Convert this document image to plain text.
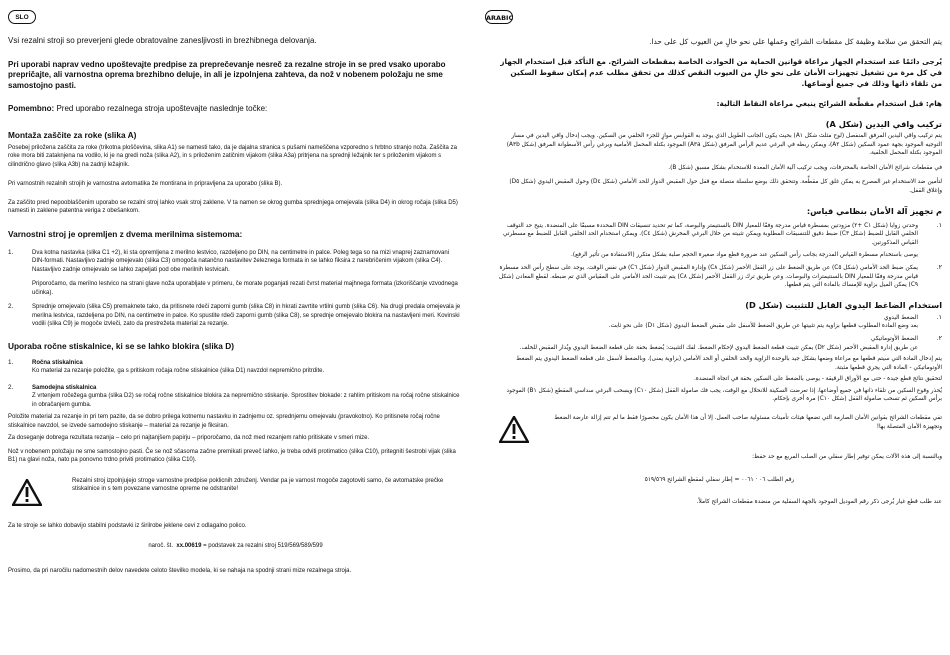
SLO

Vsi rezalni stroji so preverjeni glede obratovalne zanesljivosti in brezhibnega delovanja.

Pri uporabi naprav vedno upoštevajte predpise za preprečevanje nesreč za rezalne stroje in se pred vsako uporabo prepričajte, ali varnostna oprema brezhibno deluje, in ali je izpolnjena zahteva, da nož v nobenem položaju ne sme samostojno pasti.

Pomembno: Pred uporabo rezalnega stroja upoštevajte naslednje točke:

Montaža zaščite za roke (slika A)

Posebej priložena zaščita za roke (trikotna ploščevina, slika A1) se namesti tako, da je dajalna stranica s pušami nameščena vzporedno s hrbtno stranjo noža. Zaščita za roke mora biti zataknjena na vodilo, ki je na gredi noža (slika A2), in s priloženim zatičnim vijakom (slika A3a) pritrjena na sprednji ležajnik ter s priloženim vijakom s cilindrično glavo (slika A3b) na zadnji ležajnik.

Pri varnostnih rezalnih strojih je varnostna avtomatika že montirana in pripravljena za uporabo (slika B).

Za zaščito pred nepooblaščenim uporabo se rezalni stroj lahko vsak stroj zaklene. V ta namen se okrog gumba sprednjega omejevala (slika D4) in okrog ročaja (slika D5) namesti in zaklene patentna veriga z obešankom.

Varnostni stroj je opremljen z dvema merilnima sistemoma:

1.	Dva kotna nastavka (slika C1 +2), ki sta opremljena z merilno lestvico, razdeljeno po DIN, na centimetre in palce. Poleg tega so na mizi vnaprej zaznamovani DIN-formati. Nastavljivo zadnje omejevalo (slika C3) omogoča natančno nastavitev železnega formata in se lahko fiksira z narebričenim vijakom (slika C4). Nastavljivo zadnje omejevalo se lahko zapeljati pod obe merilnih lestvicah.

Priporočamo, da merilno lestvico na strani glave noža uporabljate v primeru, če morate poganjati rezati čvrst material majhnega formata (izkoriščanje vzvodnega učinka).

2.	Sprednje omejevalo (slika C5) premaknete tako, da pritisnete rdeči zaporni gumb (slika C8) in hkrati zavrtite vrtilni gumb (slika C6). Na drugi predala omejevala je merilna lestvica, razdeljena po DIN, na centimetre in palce. Ko spustite rdeči zaporni gumb (slika C8), se sprednje omejevalo blokira na nastavljeni meri. Kovinski vodili (slika C9) je mogoče izvleči, zato da prestrežeta material za rezanje.

Uporaba ročne stiskalnice, ki se se lahko blokira (slika D)

1.	Ročna stiskalnica

Ko material za rezanje položite, ga s pritiskom ročaja ročne stiskalnice (slika D1) navzdol nepremično pritrdite.

2.	Samodejna stiskalnica

Z vrtenjem ročežega gumba (slika D2) se ročaj ročne stiskalnice blokira za nepremično stiskanje. Sprostitev blokade: z rahlim pritiskom na ročaj ročne stiskalnice in obračanjem gumba.

Položite material za rezanje in pri tem pazite, da se dobro prilega kotnemu nastavku in zadnjemu oz. sprednjemu omejevalu (pravokotno). Ko pritisnete ročaj ročne stiskalnice navzdol, se izvede samodejno stiskanje – material za rezanje je fiksiran.

Za doseganje dobrega rezultata rezanja – celo pri najtanjšem papirju – priporočamo, da nož med rezanjem rahlo pritiskate v smeri mize.

Nož v nobenem položaju ne sme samostojno pasti. Če se nož sčasoma začne premikati preveč lahko, je treba odviti protimatico (slika C10), pritegniti šestrobi vijak (slika B1) na glavi noža, nato pa ponovno trdno priviti protimatico (slika C10).

Rezalni stroj izpolnjujejo stroge varnostne predpise poklicnih združenj. Vendar pa je varnost mogoče zagotoviti samo, če avtomatske prečke stiskalnice in s tem povezane varnostne opreme ne odstranite!

Za te stroje se lahko dobavijo stabilni podstavki iz širilrobe jeklene cevi z odlagalno polico.

naroč. št. xx.00619 = podstavek za rezalni stroj 519/569/589/599

Prosimo, da pri naročilu nadomestnih delov navedete celoto številko modela, ki se nahaja na spodnji strani mize rezalnega stroja.

ARABIC

يتم التحقق من سلامة وظيفة كل مقطعات الشرائح وعملها على نحو خالٍ من العيوب كل على حدا.

يُرجى دائمًا عند استخدام الجهاز مراعاة قوانين الحماية من الحوادث الخاصة بمقطعات الشرائح. مع التأكد قبل استخدام الجهاز في كل مرة من تشغيل تجهيزات الأمان على نحو خالٍ من العيوب النقص كذلك من تحقق مطلب عدم إمكان سقوط السكين من تلقاء ذاتها وذلك في جميع أوضاعها.

هام: قبل استخدام مقطِّعة الشرائح ينبغي مراعاة النقاط التالية:

تركيب واقي اليدين (شكل A)

يتم تركيب واقي اليدين المرفق المنفصل (لوح مثلث شكل A١) بحيث يكون الجانب الطويل الذي يوجد به القوابس موازٍ للجزء الخلفي من السكين. ويجب إدخال واقي اليدين في مسار التوجيه الموجود بجهة عمود السكين (شكل A٢)، ويمكن ربطه في البرغي عديم الرأس المرفق (شكل A٣a) الموجود بكتلة المحمل الأمامية وبرغي رأس الأسطوانة المرفق (شكل A٣b) الموجود بكتلة المحمل الخلفية.

في مقطعات شرائح الأمان الخاصة بالمحترفات، ويجب تركيب آلية الأمان المعدة للاستخدام بشكل مسبق (شكل B).

لتأمين ضد الاستخدام غير المصرح به يمكن غلق كل مقطِّعة. وتتحقق ذلك بوضع سلسلة متصلة مع قفل حول المقبض الدوار للحد الأمامي (شكل D٤) وحول المقبض اليدوي (شكل D٥) وإغلاق القفل.

م تجهيز آلة الأمان بنظامي قياس:

١.

وحدتي زوايا (شكل C١ +٢) مزودتين بمسطرة قياس مدرجة وفقًا للمعيار DIN بالسنتيمتر والبوصة، كما تم تحديد تنسيقات DIN المحددة مسبقًا على المنضدة. يتيح حد التوقف الخلفي القابل للضبط (شكل C٣) ضبط دقيق للتنسيقات المطلوبة ويمكن تثبيته من خلال البرغي المخرش (شكل C٤). ويمكن استخدام الحد الخلفي القابل للضبط مع مسطرتي القياس المذكورتين.

يوصى باستخدام مسطرة القياس المدرجة بجانب رأس السكين عند ضرورة قطع مواد صغيرة الحجم صلبة بشكل متكرر (الاستفادة من تأثير الرفع).

٢.

يمكن ضبط الحد الأمامي (شكل C٥) عن طريق الضغط على زر القفل الأحمر (شكل C٨) وإدارة المقبض الدوار (شكل C٦) في نفس الوقت. يوجد على سطح رأس الحد مسطرة قياس مدرجة وفقًا للمعيار DIN بالسنتيمترات والبوصات. وعن طريق ترك زر القفل الأحمر (شكل C٨) يتم تثبيت الحد الأمامي على المقياس الذي تم ضبطه. لقطع المعادن (شكل C٩) يمكن الميل بزاوية للإمساك بالمادة التي يتم قطعها.

استخدام الضاغط اليدوي القابل للتثبيت (شكل D)

١.

الضغط اليدوي

بعد وضع المادة المطلوب قطعها بزاوية يتم تثبيتها عن طريق الضغط للأسفل على مقبض الضغط اليدوي (شكل D١) على نحو ثابت.

٢.

الضغط الأوتوماتيكي

عن طريق إدارة المقبض الأحمر (شكل D٢) يمكن تثبيت قطعة الضغط اليدوي لإحكام الضغط. لفك التثبيت: يُضغط بخفة على قطعة الضغط اليدوي ويُدار المقبض للخلف.

يتم إدخال المادة التي سيتم قطعها مع مراعاة وضعها بشكل جيد بالوحدة الزاوية والحد الخلفي أو الحد الأمامي (بزاوية يمنى). وبالضغط لأسفل على قطعة الضغط اليدوي يتم الضغط الأوتوماتيكي - المادة التي يجري قطعها مثبتة.

لتحقيق نتائج قطع جيدة - حتى مع الأوراق الرقيقة - يوصى بالضغط على السكين بخفة في اتجاه المنضدة.

يُحذر وقوع السكين من تلقاء ذاتها في جميع أوضاعها. إذا تعرضت السكينة للانحلال مع الوقت، يجب فك صامولة القفل (شكل C١٠) ويسحب البرغي سداسي المقطع (شكل B١) الموجود برأس السكين ثم تسحب صامولة القفل (شكل C١٠) مرة أخرى بإحكام.

تفي مقطعات الشرائح بقوانين الأمان الصارمة التي تضعها هيئات تأمينات مسئولية صاحب العمل. إلا أن هذا الأمان يكون محصورًا فقط ما لم تتم إزالة عارضة الضغط وتجهيزة الأمان المتصلة بها!

وبالنسبة إلى هذه الآلات يمكن توفير إطار سفلي من الصلب المربع مع حد حفظ:

رقم الطلب ٠٦ · ٠٠٦١ = إطار سفلي لمقطع الشرائح ٥١٩/٥٦٩

عند طلب قطع غيار يُرجى ذكر رقم الموديل الموجود بالجهة السفلية من منضدة مقطعات الشرائح كاملاً.
